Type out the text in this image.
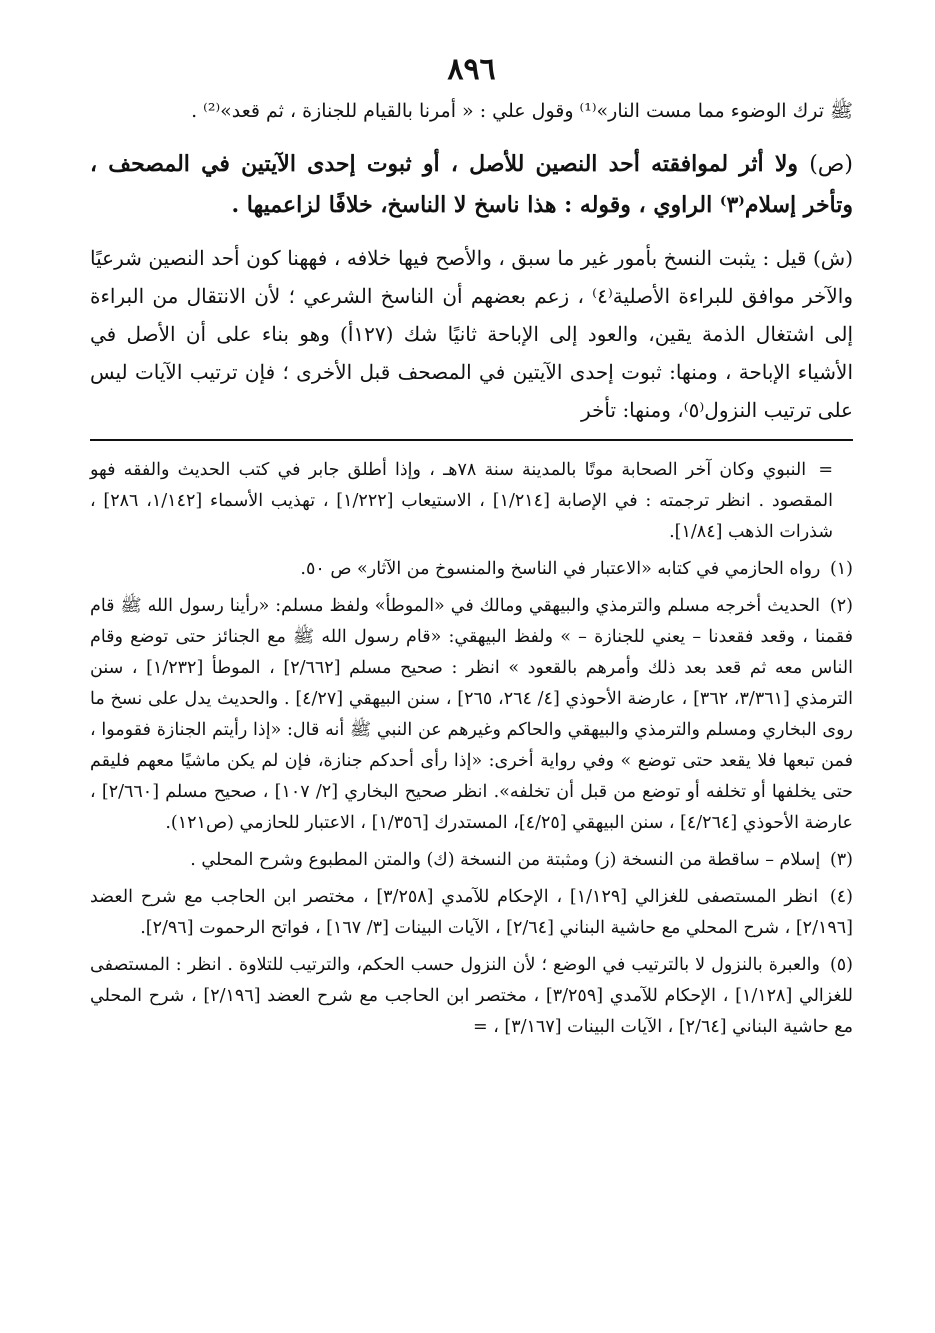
٨٩٦

ﷺ ترك الوضوء مما مست النار»⁽¹⁾ وقول علي : « أمرنا بالقيام للجنازة ، ثم قعد»⁽²⁾ .

(ص) ولا أثر لموافقته أحد النصين للأصل ، أو ثبوت إحدى الآيتين في المصحف ، وتأخر إسلام⁽٣⁾ الراوي ، وقوله : هذا ناسخ لا الناسخ، خلافًا لزاعميها .

(ش) قيل : يثبت النسخ بأمور غير ما سبق ، والأصح فيها خلافه ، فههنا كون أحد النصين شرعيًا والآخر موافق للبراءة الأصلية⁽٤⁾ ، زعم بعضهم أن الناسخ الشرعي ؛ لأن الانتقال من البراءة إلى اشتغال الذمة يقين، والعود إلى الإباحة ثانيًا شك (١٢٧أ) وهو بناء على أن الأصل في الأشياء الإباحة ، ومنها: ثبوت إحدى الآيتين في المصحف قبل الأخرى ؛ فإن ترتيب الآيات ليس على ترتيب النزول⁽٥⁾، ومنها: تأخر

= النبوي وكان آخر الصحابة موتًا بالمدينة سنة ٧٨هـ ، وإذا أطلق جابر في كتب الحديث والفقه فهو المقصود . انظر ترجمته : في الإصابة [١/٢١٤] ، الاستيعاب [١/٢٢٢] ، تهذيب الأسماء [١/١٤٢، ٢٨٦] ، شذرات الذهب [١/٨٤].

(١) رواه الحازمي في كتابه «الاعتبار في الناسخ والمنسوخ من الآثار» ص ٥٠.

(٢) الحديث أخرجه مسلم والترمذي والبيهقي ومالك في «الموطأ» ولفظ مسلم: «رأينا رسول الله ﷺ قام فقمنا ، وقعد فقعدنا – يعني للجنازة – » ولفظ البيهقي: «قام رسول الله ﷺ مع الجنائز حتى توضع وقام الناس معه ثم قعد بعد ذلك وأمرهم بالقعود » انظر : صحيح مسلم [٢/٦٦٢] ، الموطأ [١/٢٣٢] ، سنن الترمذي [٣/٣٦١، ٣٦٢] ، عارضة الأحوذي [٤/ ٢٦٤، ٢٦٥] ، سنن البيهقي [٤/٢٧] . والحديث يدل على نسخ ما روى البخاري ومسلم والترمذي والبيهقي والحاكم وغيرهم عن النبي ﷺ أنه قال: «إذا رأيتم الجنازة فقوموا ، فمن تبعها فلا يقعد حتى توضع » وفي رواية أخرى: «إذا رأى أحدكم جنازة، فإن لم يكن ماشيًا معهم فليقم حتى يخلفها أو تخلفه أو توضع من قبل أن تخلفه». انظر صحيح البخاري [٢/ ١٠٧] ، صحيح مسلم [٢/٦٦٠] ، عارضة الأحوذي [٤/٢٦٤] ، سنن البيهقي [٤/٢٥]، المستدرك [١/٣٥٦] ، الاعتبار للحازمي (ص١٢١).

(٣) إسلام – ساقطة من النسخة (ز) ومثبتة من النسخة (ك) والمتن المطبوع وشرح المحلي .

(٤) انظر المستصفى للغزالي [١/١٢٩] ، الإحكام للآمدي [٣/٢٥٨] ، مختصر ابن الحاجب مع شرح العضد [٢/١٩٦] ، شرح المحلي مع حاشية البناني [٢/٦٤] ، الآيات البينات [٣/ ١٦٧] ، فواتح الرحموت [٢/٩٦].

(٥) والعبرة بالنزول لا بالترتيب في الوضع ؛ لأن النزول حسب الحكم، والترتيب للتلاوة . انظر : المستصفى للغزالي [١/١٢٨] ، الإحكام للآمدي [٣/٢٥٩] ، مختصر ابن الحاجب مع شرح العضد [٢/١٩٦] ، شرح المحلي مع حاشية البناني [٢/٦٤] ، الآيات البينات [٣/١٦٧] ، =
